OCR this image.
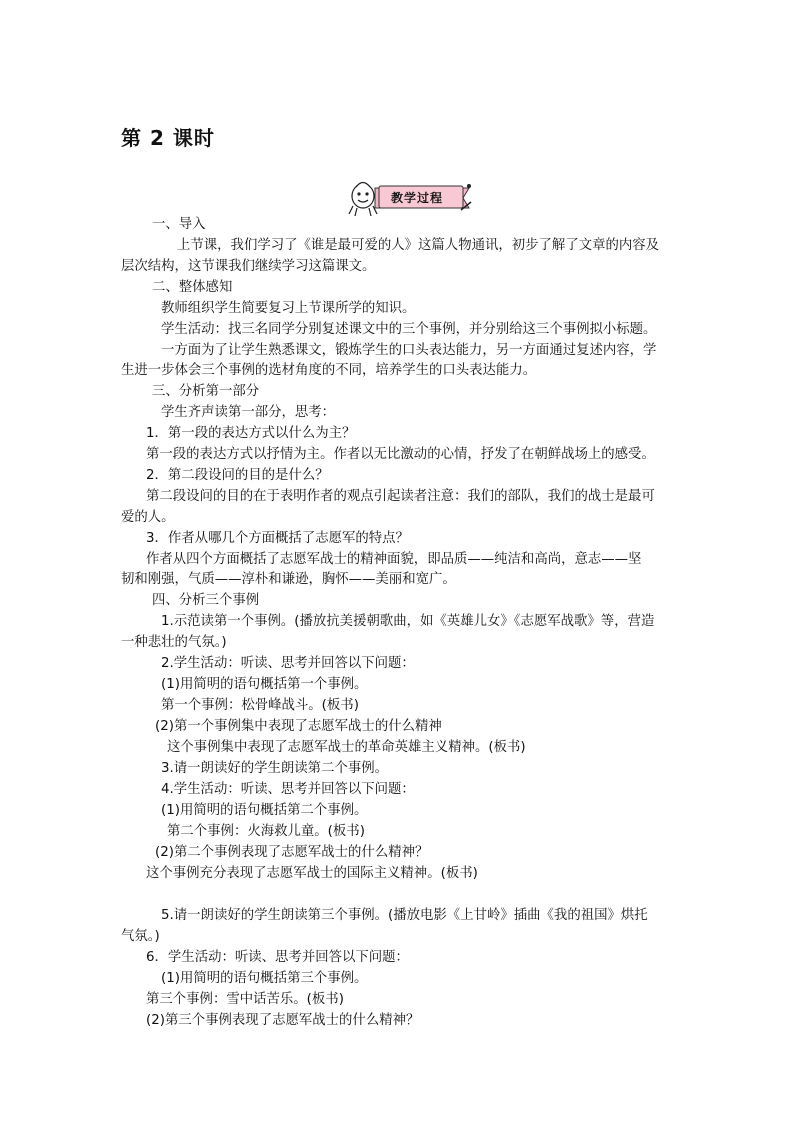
第 2 课时
教学过程
一、导入
上节课，我们学习了《谁是最可爱的人》这篇人物通讯，初步了解了文章的内容及
层次结构，这节课我们继续学习这篇课文。
二、整体感知
教师组织学生简要复习上节课所学的知识。
学生活动：找三名同学分别复述课文中的三个事例，并分别给这三个事例拟小标题。
一方面为了让学生熟悉课文，锻炼学生的口头表达能力，另一方面通过复述内容，学
生进一步体会三个事例的选材角度的不同，培养学生的口头表达能力。
三、分析第一部分
学生齐声读第一部分，思考：
1．第一段的表达方式以什么为主？
第一段的表达方式以抒情为主。作者以无比激动的心情，抒发了在朝鲜战场上的感受。
2．第二段设问的目的是什么？
第二段设问的目的在于表明作者的观点引起读者注意：我们的部队，我们的战士是最可
爱的人。
3．作者从哪几个方面概括了志愿军的特点？
作者从四个方面概括了志愿军战士的精神面貌，即品质——纯洁和高尚，意志——坚
韧和刚强，气质——淳朴和谦逊，胸怀——美丽和宽广。
四、分析三个事例
1.示范读第一个事例。(播放抗美援朝歌曲，如《英雄儿女》《志愿军战歌》等，营造
一种悲壮的气氛。)
2.学生活动：听读、思考并回答以下问题：
(1)用简明的语句概括第一个事例。
第一个事例：松骨峰战斗。(板书)
(2)第一个事例集中表现了志愿军战士的什么精神
这个事例集中表现了志愿军战士的革命英雄主义精神。(板书)
3.请一朗读好的学生朗读第二个事例。
4.学生活动：听读、思考并回答以下问题：
(1)用简明的语句概括第二个事例。
第二个事例：火海救儿童。(板书)
(2)第二个事例表现了志愿军战士的什么精神？
这个事例充分表现了志愿军战士的国际主义精神。(板书)
5.请一朗读好的学生朗读第三个事例。(播放电影《上甘岭》插曲《我的祖国》烘托
气氛。)
6．学生活动：听读、思考并回答以下问题：
(1)用简明的语句概括第三个事例。
第三个事例：雪中话苦乐。(板书)
(2)第三个事例表现了志愿军战士的什么精神？
